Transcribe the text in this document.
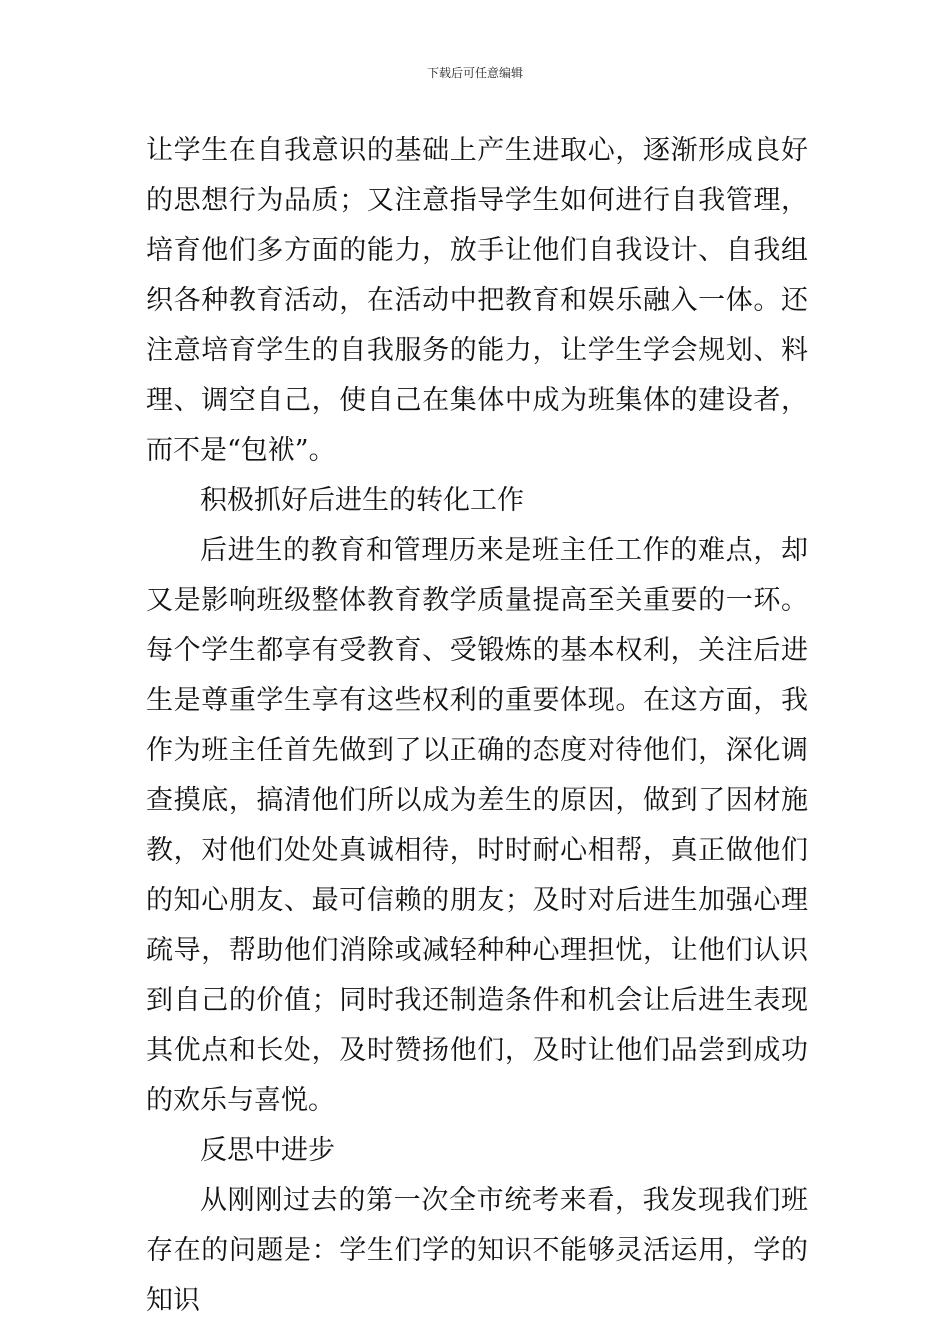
下载后可任意编辑

让学生在自我意识的基础上产生进取心，逐渐形成良好的思想行为品质；又注意指导学生如何进行自我管理，培育他们多方面的能力，放手让他们自我设计、自我组织各种教育活动，在活动中把教育和娱乐融入一体。还注意培育学生的自我服务的能力，让学生学会规划、料理、调空自己，使自己在集体中成为班集体的建设者，而不是“包袱”。

积极抓好后进生的转化工作

后进生的教育和管理历来是班主任工作的难点，却又是影响班级整体教育教学质量提高至关重要的一环。每个学生都享有受教育、受锻炼的基本权利，关注后进生是尊重学生享有这些权利的重要体现。在这方面，我作为班主任首先做到了以正确的态度对待他们，深化调查摸底，搞清他们所以成为差生的原因，做到了因材施教，对他们处处真诚相待，时时耐心相帮，真正做他们的知心朋友、最可信赖的朋友；及时对后进生加强心理疏导，帮助他们消除或减轻种种心理担忧，让他们认识到自己的价值；同时我还制造条件和机会让后进生表现其优点和长处，及时赞扬他们，及时让他们品尝到成功的欢乐与喜悦。

反思中进步

从刚刚过去的第一次全市统考来看，我发现我们班存在的问题是：学生们学的知识不能够灵活运用，学的知识
